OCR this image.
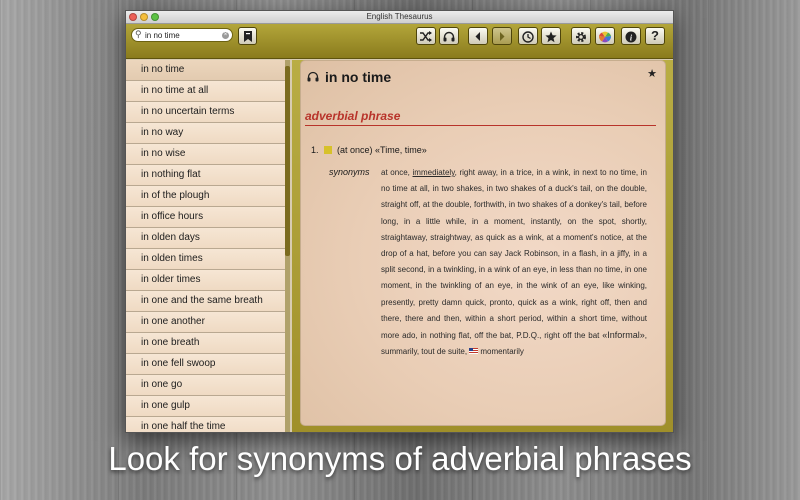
English Thesaurus
⚲
in no time	×	i	?
in no time
in no time at all
in no uncertain terms
in no way
in no wise
in nothing flat
in of the plough
in office hours
in olden days
in olden times
in older times
in one and the same breath
in one another
in one breath
in one fell swoop
in one go
in one gulp
in one half the time
in no time	★
adverbial phrase
1. (at once) «Time, time»
synonyms at once, immediately, right away, in a trice, in a wink, in next to no time, in no time at all, in two shakes, in two shakes of a duck's tail, on the double, straight off, at the double, forthwith, in two shakes of a donkey's tail, before long, in a little while, in a moment, instantly, on the spot, shortly, straightaway, straightway, as quick as a wink, at a moment's notice, at the drop of a hat, before you can say Jack Robinson, in a flash, in a jiffy, in a split second, in a twinkling, in a wink of an eye, in less than no time, in one moment, in the twinkling of an eye, in the wink of an eye, like winking, presently, pretty damn quick, pronto, quick as a wink, right off, then and there, there and then, within a short period, within a short time, without more ado, in nothing flat, off the bat, P.D.Q., right off the bat «Informal», summarily, tout de suite, momentarily
Look for synonyms of adverbial phrases
